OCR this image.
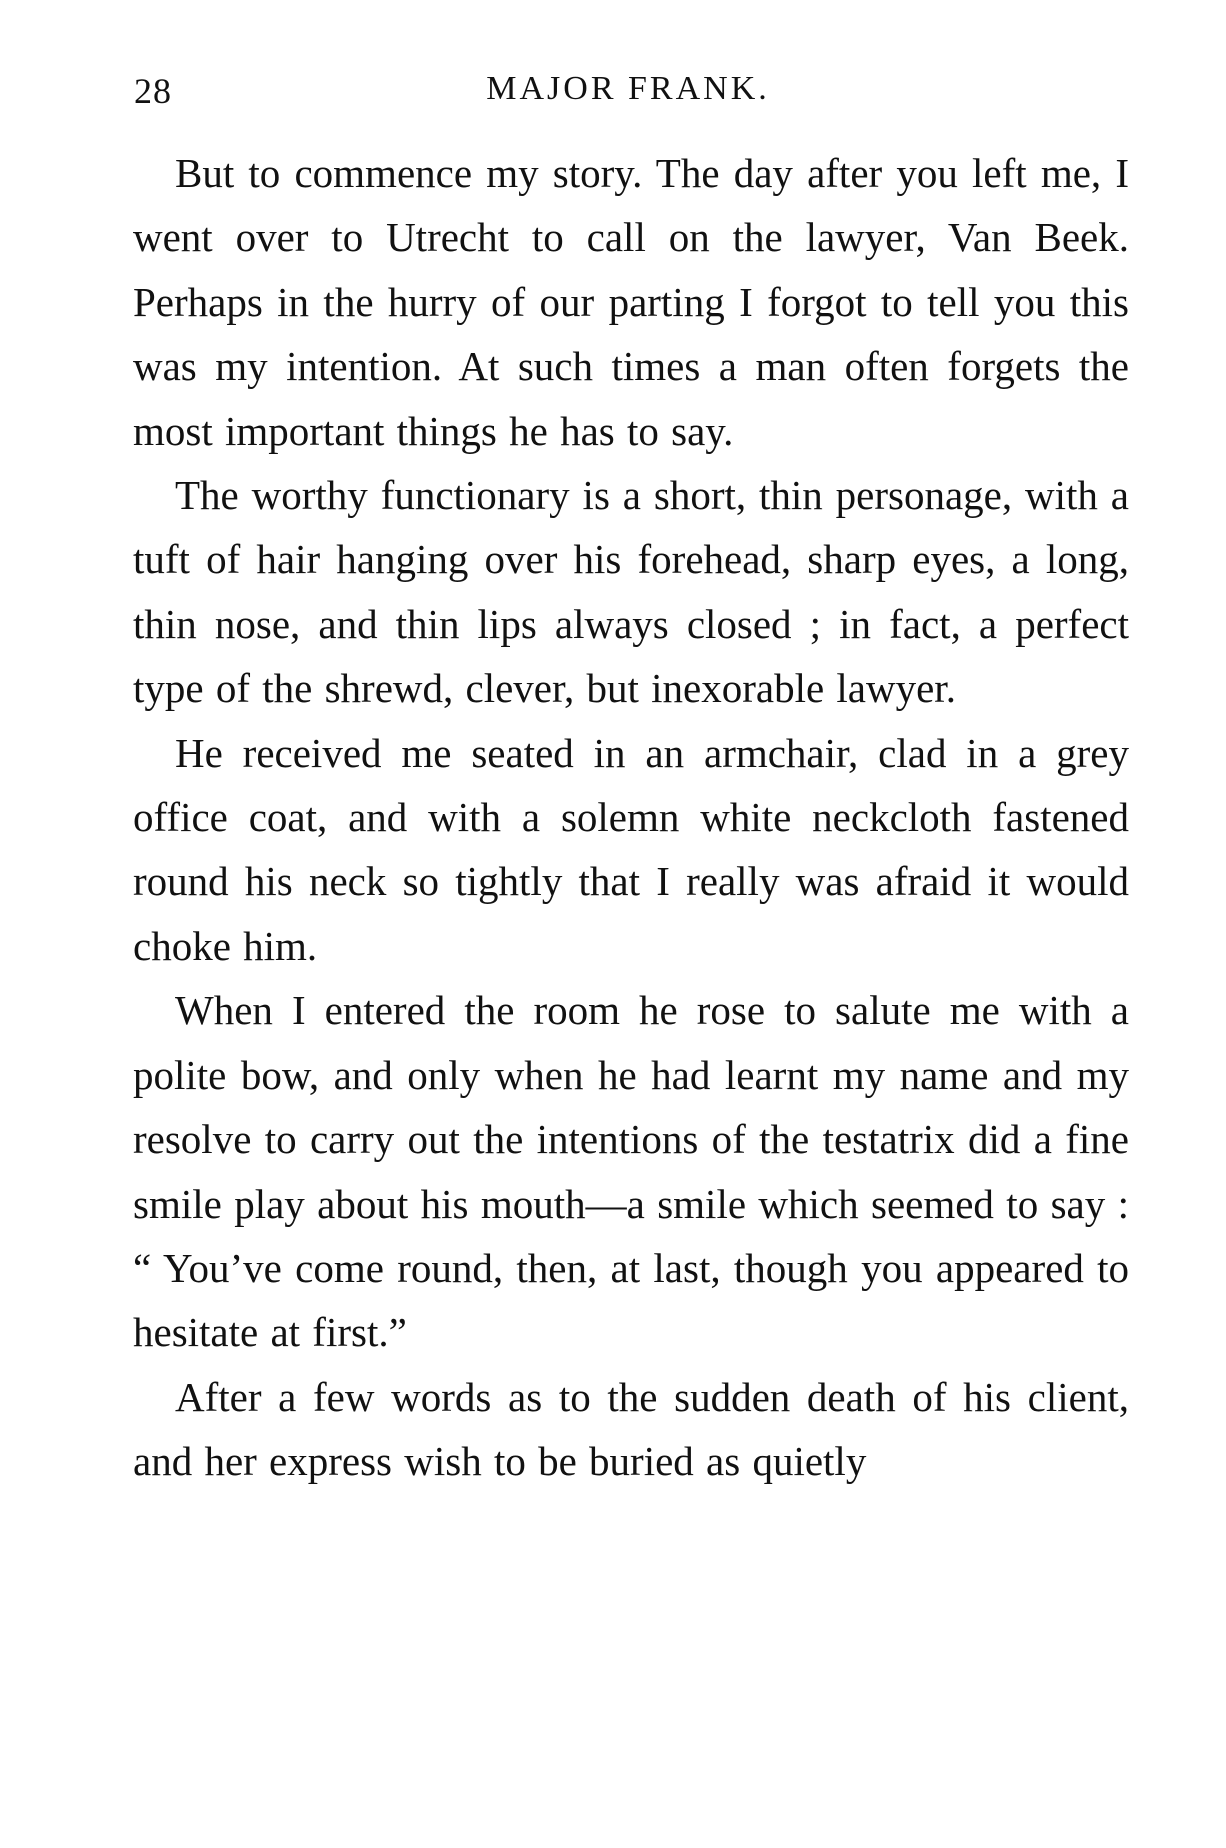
28	MAJOR FRANK.

But to commence my story. The day after you left me, I went over to Utrecht to call on the lawyer, Van Beek. Perhaps in the hurry of our parting I forgot to tell you this was my intention. At such times a man often forgets the most important things he has to say.

The worthy functionary is a short, thin personage, with a tuft of hair hanging over his forehead, sharp eyes, a long, thin nose, and thin lips always closed ; in fact, a perfect type of the shrewd, clever, but inexorable lawyer.

He received me seated in an armchair, clad in a grey office coat, and with a solemn white neckcloth fastened round his neck so tightly that I really was afraid it would choke him.

When I entered the room he rose to salute me with a polite bow, and only when he had learnt my name and my resolve to carry out the intentions of the testatrix did a fine smile play about his mouth—a smile which seemed to say : “ You’ve come round, then, at last, though you appeared to hesitate at first.”

After a few words as to the sudden death of his client, and her express wish to be buried as quietly
